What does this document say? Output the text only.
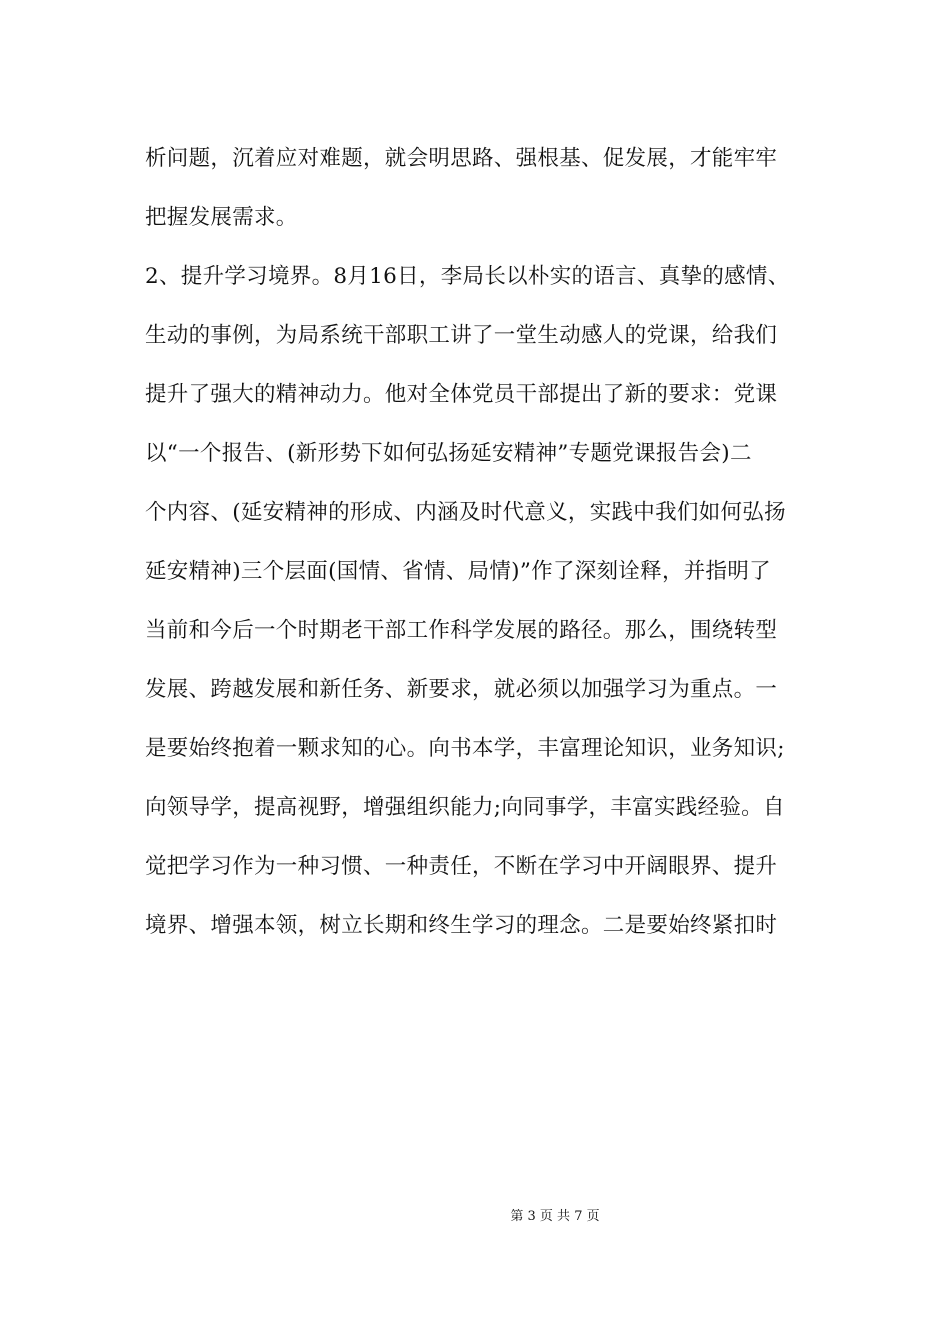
析问题，沉着应对难题，就会明思路、强根基、促发展，才能牢牢
把握发展需求。
2、提升学习境界。8月16日，李局长以朴实的语言、真挚的感情、
生动的事例，为局系统干部职工讲了一堂生动感人的党课，给我们
提升了强大的精神动力。他对全体党员干部提出了新的要求：党课
以“一个报告、(新形势下如何弘扬延安精神”专题党课报告会)二
个内容、(延安精神的形成、内涵及时代意义，实践中我们如何弘扬
延安精神)三个层面(国情、省情、局情)”作了深刻诠释，并指明了
当前和今后一个时期老干部工作科学发展的路径。那么，围绕转型
发展、跨越发展和新任务、新要求，就必须以加强学习为重点。一
是要始终抱着一颗求知的心。向书本学，丰富理论知识，业务知识;
向领导学，提高视野，增强组织能力;向同事学，丰富实践经验。自
觉把学习作为一种习惯、一种责任，不断在学习中开阔眼界、提升
境界、增强本领，树立长期和终生学习的理念。二是要始终紧扣时
第 3 页 共 7 页
